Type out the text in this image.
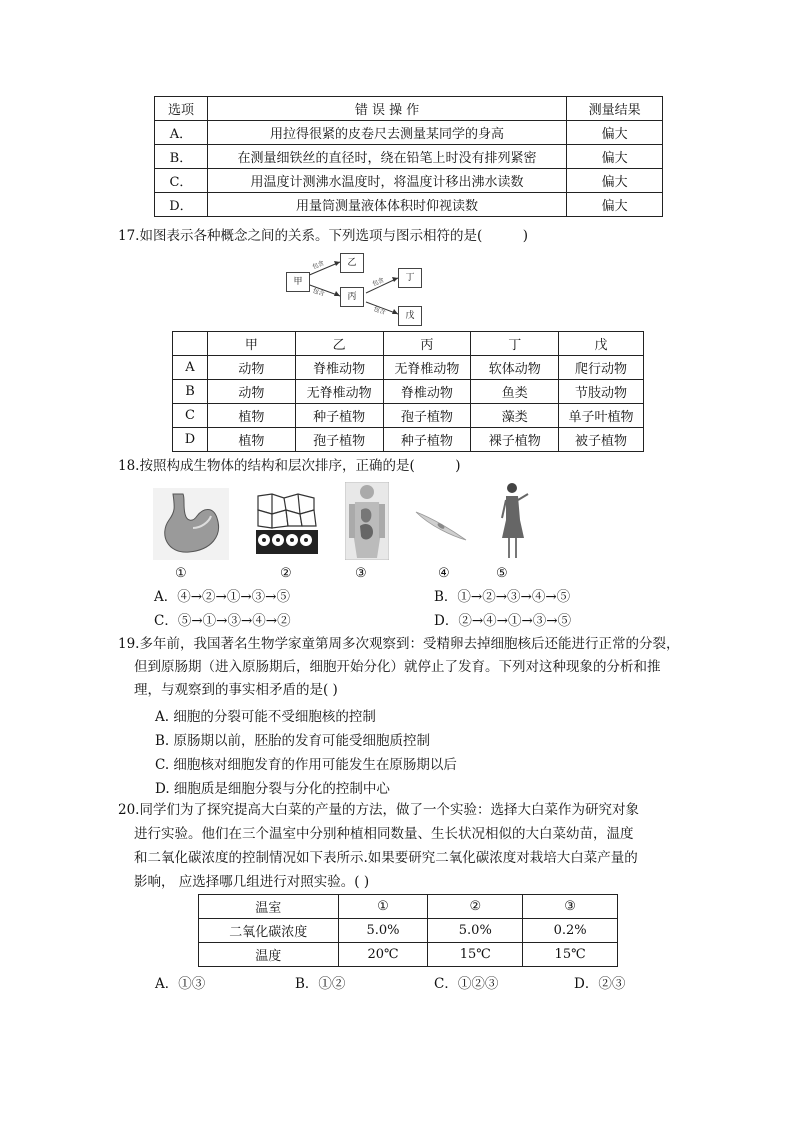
选项	错 误 操 作	测量结果
A．	用拉得很紧的皮卷尺去测量某同学的身高	偏大
B．	在测量细铁丝的直径时，绕在铅笔上时没有排列紧密	偏大
C．	用温度计测沸水温度时，将温度计移出沸水读数	偏大
D．	用量筒测量液体体积时仰视读数	偏大
17.如图表示各种概念之间的关系。下列选项与图示相符的是(　　　)
包含
包含
包含
包含
甲
乙
丙
丁
戊
	甲	乙	丙	丁	戊
A	动物	脊椎动物	无脊椎动物	软体动物	爬行动物
B	动物	无脊椎动物	脊椎动物	鱼类	节肢动物
C	植物	种子植物	孢子植物	藻类	单子叶植物
D	植物	孢子植物	种子植物	裸子植物	被子植物
18.按照构成生物体的结构和层次排序，正确的是(　　　)
①	②	③	④	⑤
A．④→②→①→③→⑤	B．①→②→③→④→⑤
C．⑤→①→③→④→②	D．②→④→①→③→⑤
19.多年前，我国著名生物学家童第周多次观察到：受精卵去掉细胞核后还能进行正常的分裂，
但到原肠期（进入原肠期后，细胞开始分化）就停止了发育。下列对这种现象的分析和推
理，与观察到的事实相矛盾的是( )
A. 细胞的分裂可能不受细胞核的控制
B. 原肠期以前，胚胎的发育可能受细胞质控制
C. 细胞核对细胞发育的作用可能发生在原肠期以后
D. 细胞质是细胞分裂与分化的控制中心
20.同学们为了探究提高大白菜的产量的方法，做了一个实验：选择大白菜作为研究对象
进行实验。他们在三个温室中分别种植相同数量、生长状况相似的大白菜幼苗，温度
和二氧化碳浓度的控制情况如下表所示.如果要研究二氧化碳浓度对栽培大白菜产量的
影响， 应选择哪几组进行对照实验。( )
温室	①	②	③
二氧化碳浓度	5.0%	5.0%	0.2%
温度	20℃	15℃	15℃
A．①③	B．①②	C．①②③	D．②③
